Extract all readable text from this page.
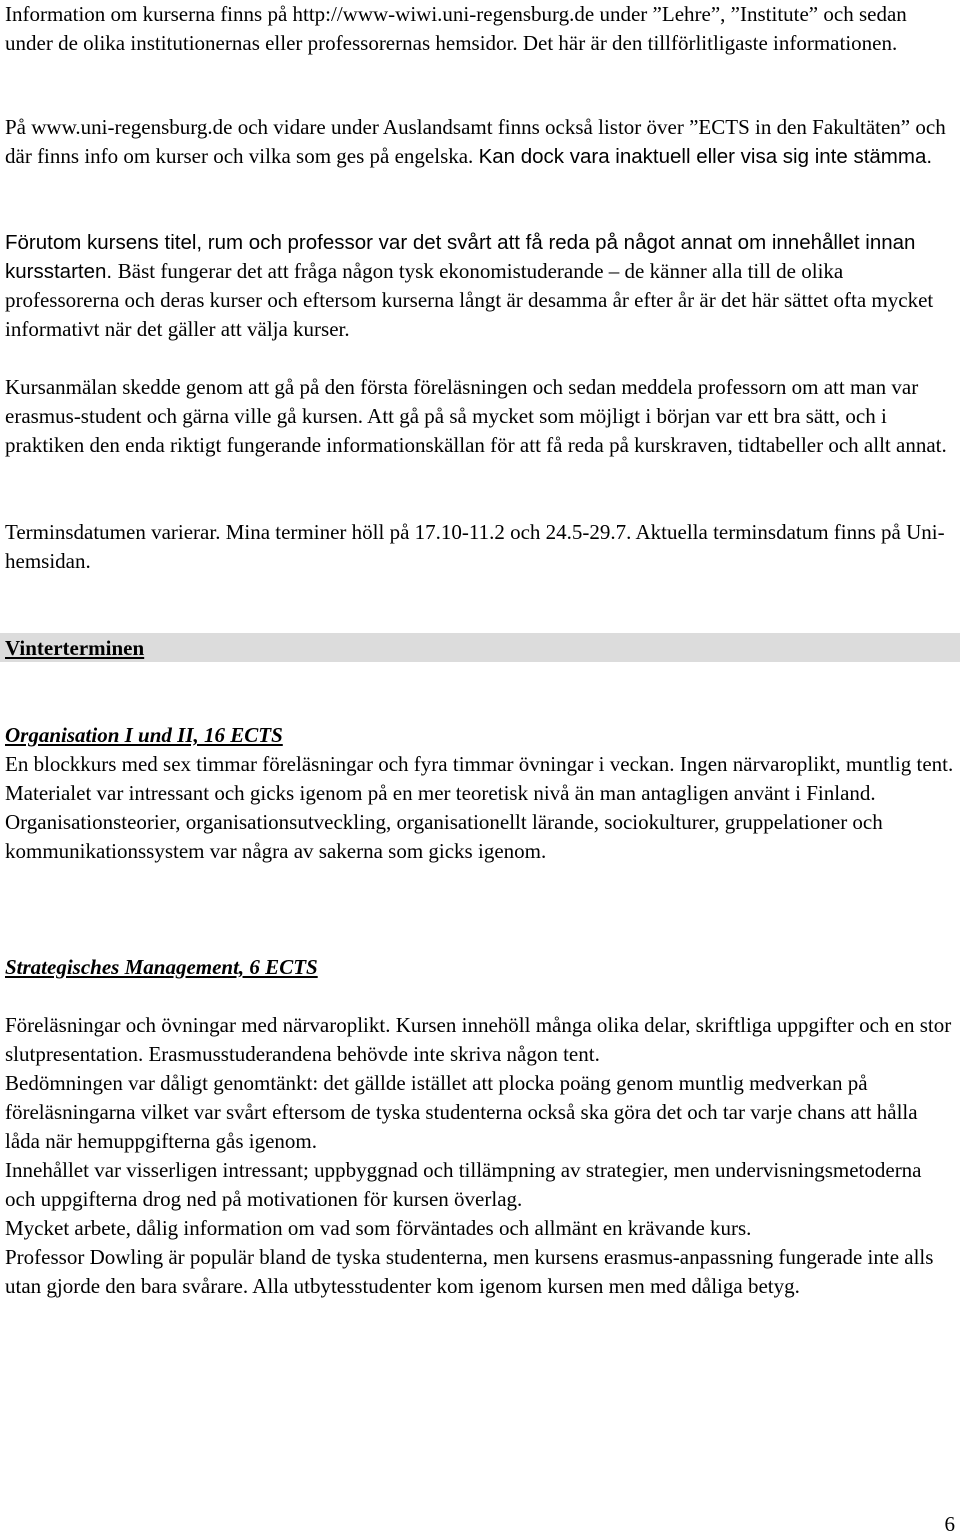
Information om kurserna finns på http://www-wiwi.uni-regensburg.de under ”Lehre”, ”Institute” och sedan under de olika institutionernas eller professorernas hemsidor. Det här är den tillförlitligaste informationen.

På www.uni-regensburg.de och vidare under Auslandsamt finns också listor över ”ECTS in den Fakultäten” och där finns info om kurser och vilka som ges på engelska. Kan dock vara inaktuell eller visa sig inte stämma.

Förutom kursens titel, rum och professor var det svårt att få reda på något annat om innehållet innan kursstarten. Bäst fungerar det att fråga någon tysk ekonomistuderande – de känner alla till de olika professorerna och deras kurser och eftersom kurserna långt är desamma år efter år är det här sättet ofta mycket informativt när det gäller att välja kurser.

Kursanmälan skedde genom att gå på den första föreläsningen och sedan meddela professorn om att man var erasmus-student och gärna ville gå kursen. Att gå på så mycket som möjligt i början var ett bra sätt, och i praktiken den enda riktigt fungerande informationskällan för att få reda på kurskraven, tidtabeller och allt annat.

Terminsdatumen varierar. Mina terminer höll på 17.10-11.2 och 24.5-29.7. Aktuella terminsdatum finns på Uni-hemsidan.

Vinterterminen
Organisation I und II, 16 ECTS
En blockkurs med sex timmar föreläsningar och fyra timmar övningar i veckan. Ingen närvaroplikt, muntlig tent.
Materialet var intressant och gicks igenom på en mer teoretisk nivå än man antagligen använt i Finland. Organisationsteorier, organisationsutveckling, organisationellt lärande, sociokulturer, gruppelationer och kommunikationssystem var några av sakerna som gicks igenom.
Strategisches Management, 6 ECTS
Föreläsningar och övningar med närvaroplikt. Kursen innehöll många olika delar, skriftliga uppgifter och en stor slutpresentation. Erasmusstuderandena behövde inte skriva någon tent.
Bedömningen var dåligt genomtänkt: det gällde istället att plocka poäng genom muntlig medverkan på föreläsningarna vilket var svårt eftersom de tyska studenterna också ska göra det och tar varje chans att hålla låda när hemuppgifterna gås igenom.
Innehållet var visserligen intressant; uppbyggnad och tillämpning av strategier, men undervisningsmetoderna och uppgifterna drog ned på motivationen för kursen överlag.
Mycket arbete, dålig information om vad som förväntades och allmänt en krävande kurs.
Professor Dowling är populär bland de tyska studenterna, men kursens erasmus-anpassning fungerade inte alls utan gjorde den bara svårare. Alla utbytesstudenter kom igenom kursen men med dåliga betyg.
6
